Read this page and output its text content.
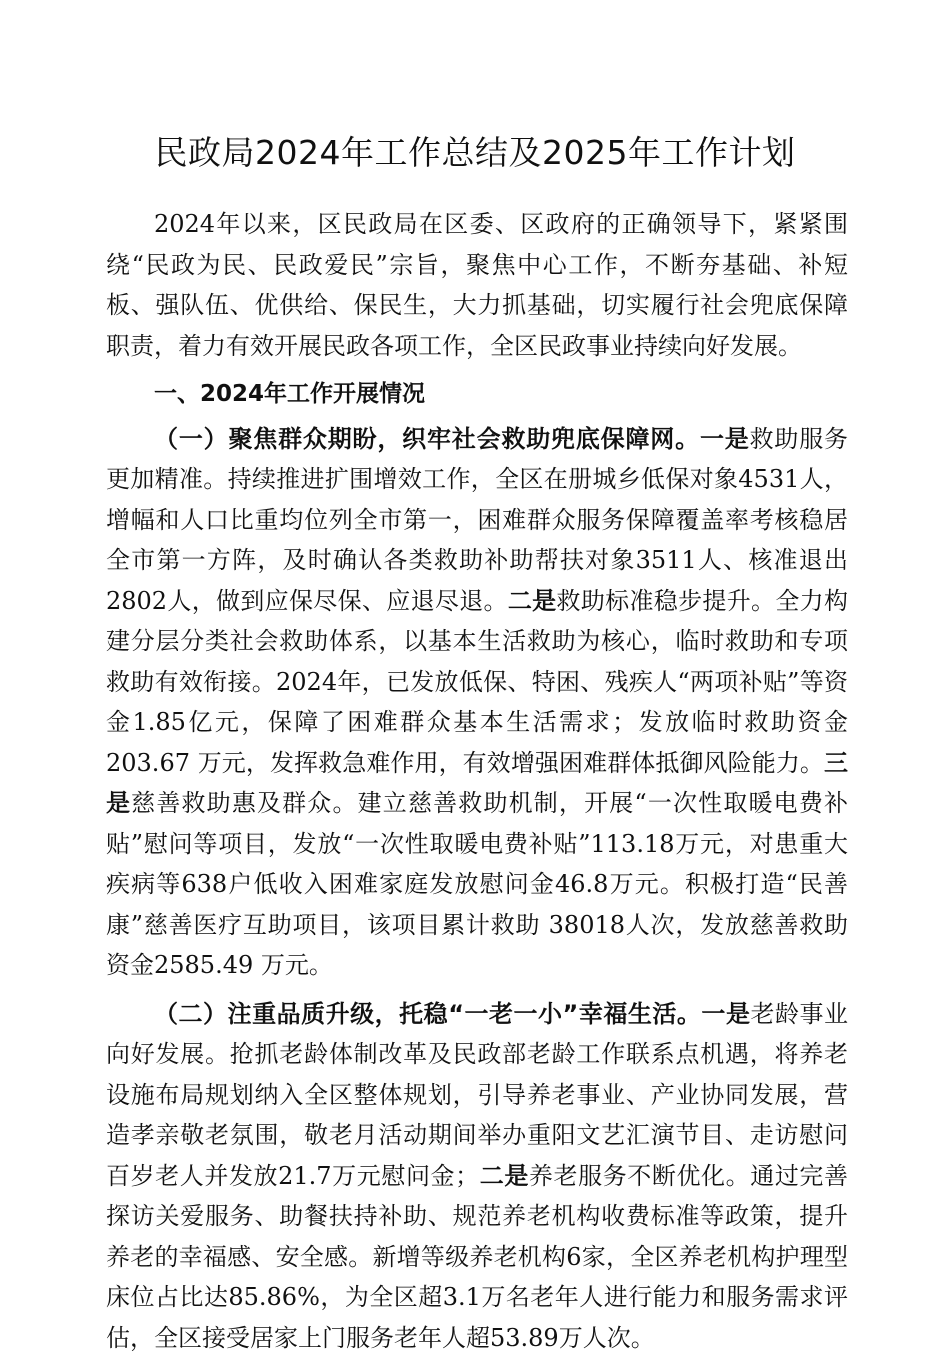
民政局2024年工作总结及2025年工作计划

2024年以来，区民政局在区委、区政府的正确领导下，紧紧围绕“民政为民、民政爱民”宗旨，聚焦中心工作，不断夯基础、补短板、强队伍、优供给、保民生，大力抓基础，切实履行社会兜底保障职责，着力有效开展民政各项工作，全区民政事业持续向好发展。

一、2024年工作开展情况

（一）聚焦群众期盼，织牢社会救助兜底保障网。一是救助服务更加精准。持续推进扩围增效工作，全区在册城乡低保对象4531人，增幅和人口比重均位列全市第一，困难群众服务保障覆盖率考核稳居全市第一方阵，及时确认各类救助补助帮扶对象3511人、核准退出2802人，做到应保尽保、应退尽退。二是救助标准稳步提升。全力构建分层分类社会救助体系，以基本生活救助为核心，临时救助和专项救助有效衔接。2024年，已发放低保、特困、残疾人“两项补贴”等资金1.85亿元，保障了困难群众基本生活需求；发放临时救助资金203.67 万元，发挥救急难作用，有效增强困难群体抵御风险能力。三是慈善救助惠及群众。建立慈善救助机制，开展“一次性取暖电费补贴”慰问等项目，发放“一次性取暖电费补贴”113.18万元，对患重大疾病等638户低收入困难家庭发放慰问金46.8万元。积极打造“民善康”慈善医疗互助项目，该项目累计救助 38018人次，发放慈善救助资金2585.49 万元。

（二）注重品质升级，托稳“一老一小”幸福生活。一是老龄事业向好发展。抢抓老龄体制改革及民政部老龄工作联系点机遇，将养老设施布局规划纳入全区整体规划，引导养老事业、产业协同发展，营造孝亲敬老氛围，敬老月活动期间举办重阳文艺汇演节目、走访慰问百岁老人并发放21.7万元慰问金；二是养老服务不断优化。通过完善探访关爱服务、助餐扶持补助、规范养老机构收费标准等政策，提升养老的幸福感、安全感。新增等级养老机构6家，全区养老机构护理型床位占比达85.86%，为全区超3.1万名老年人进行能力和服务需求评估，全区接受居家上门服务老年人超53.89万人次。
